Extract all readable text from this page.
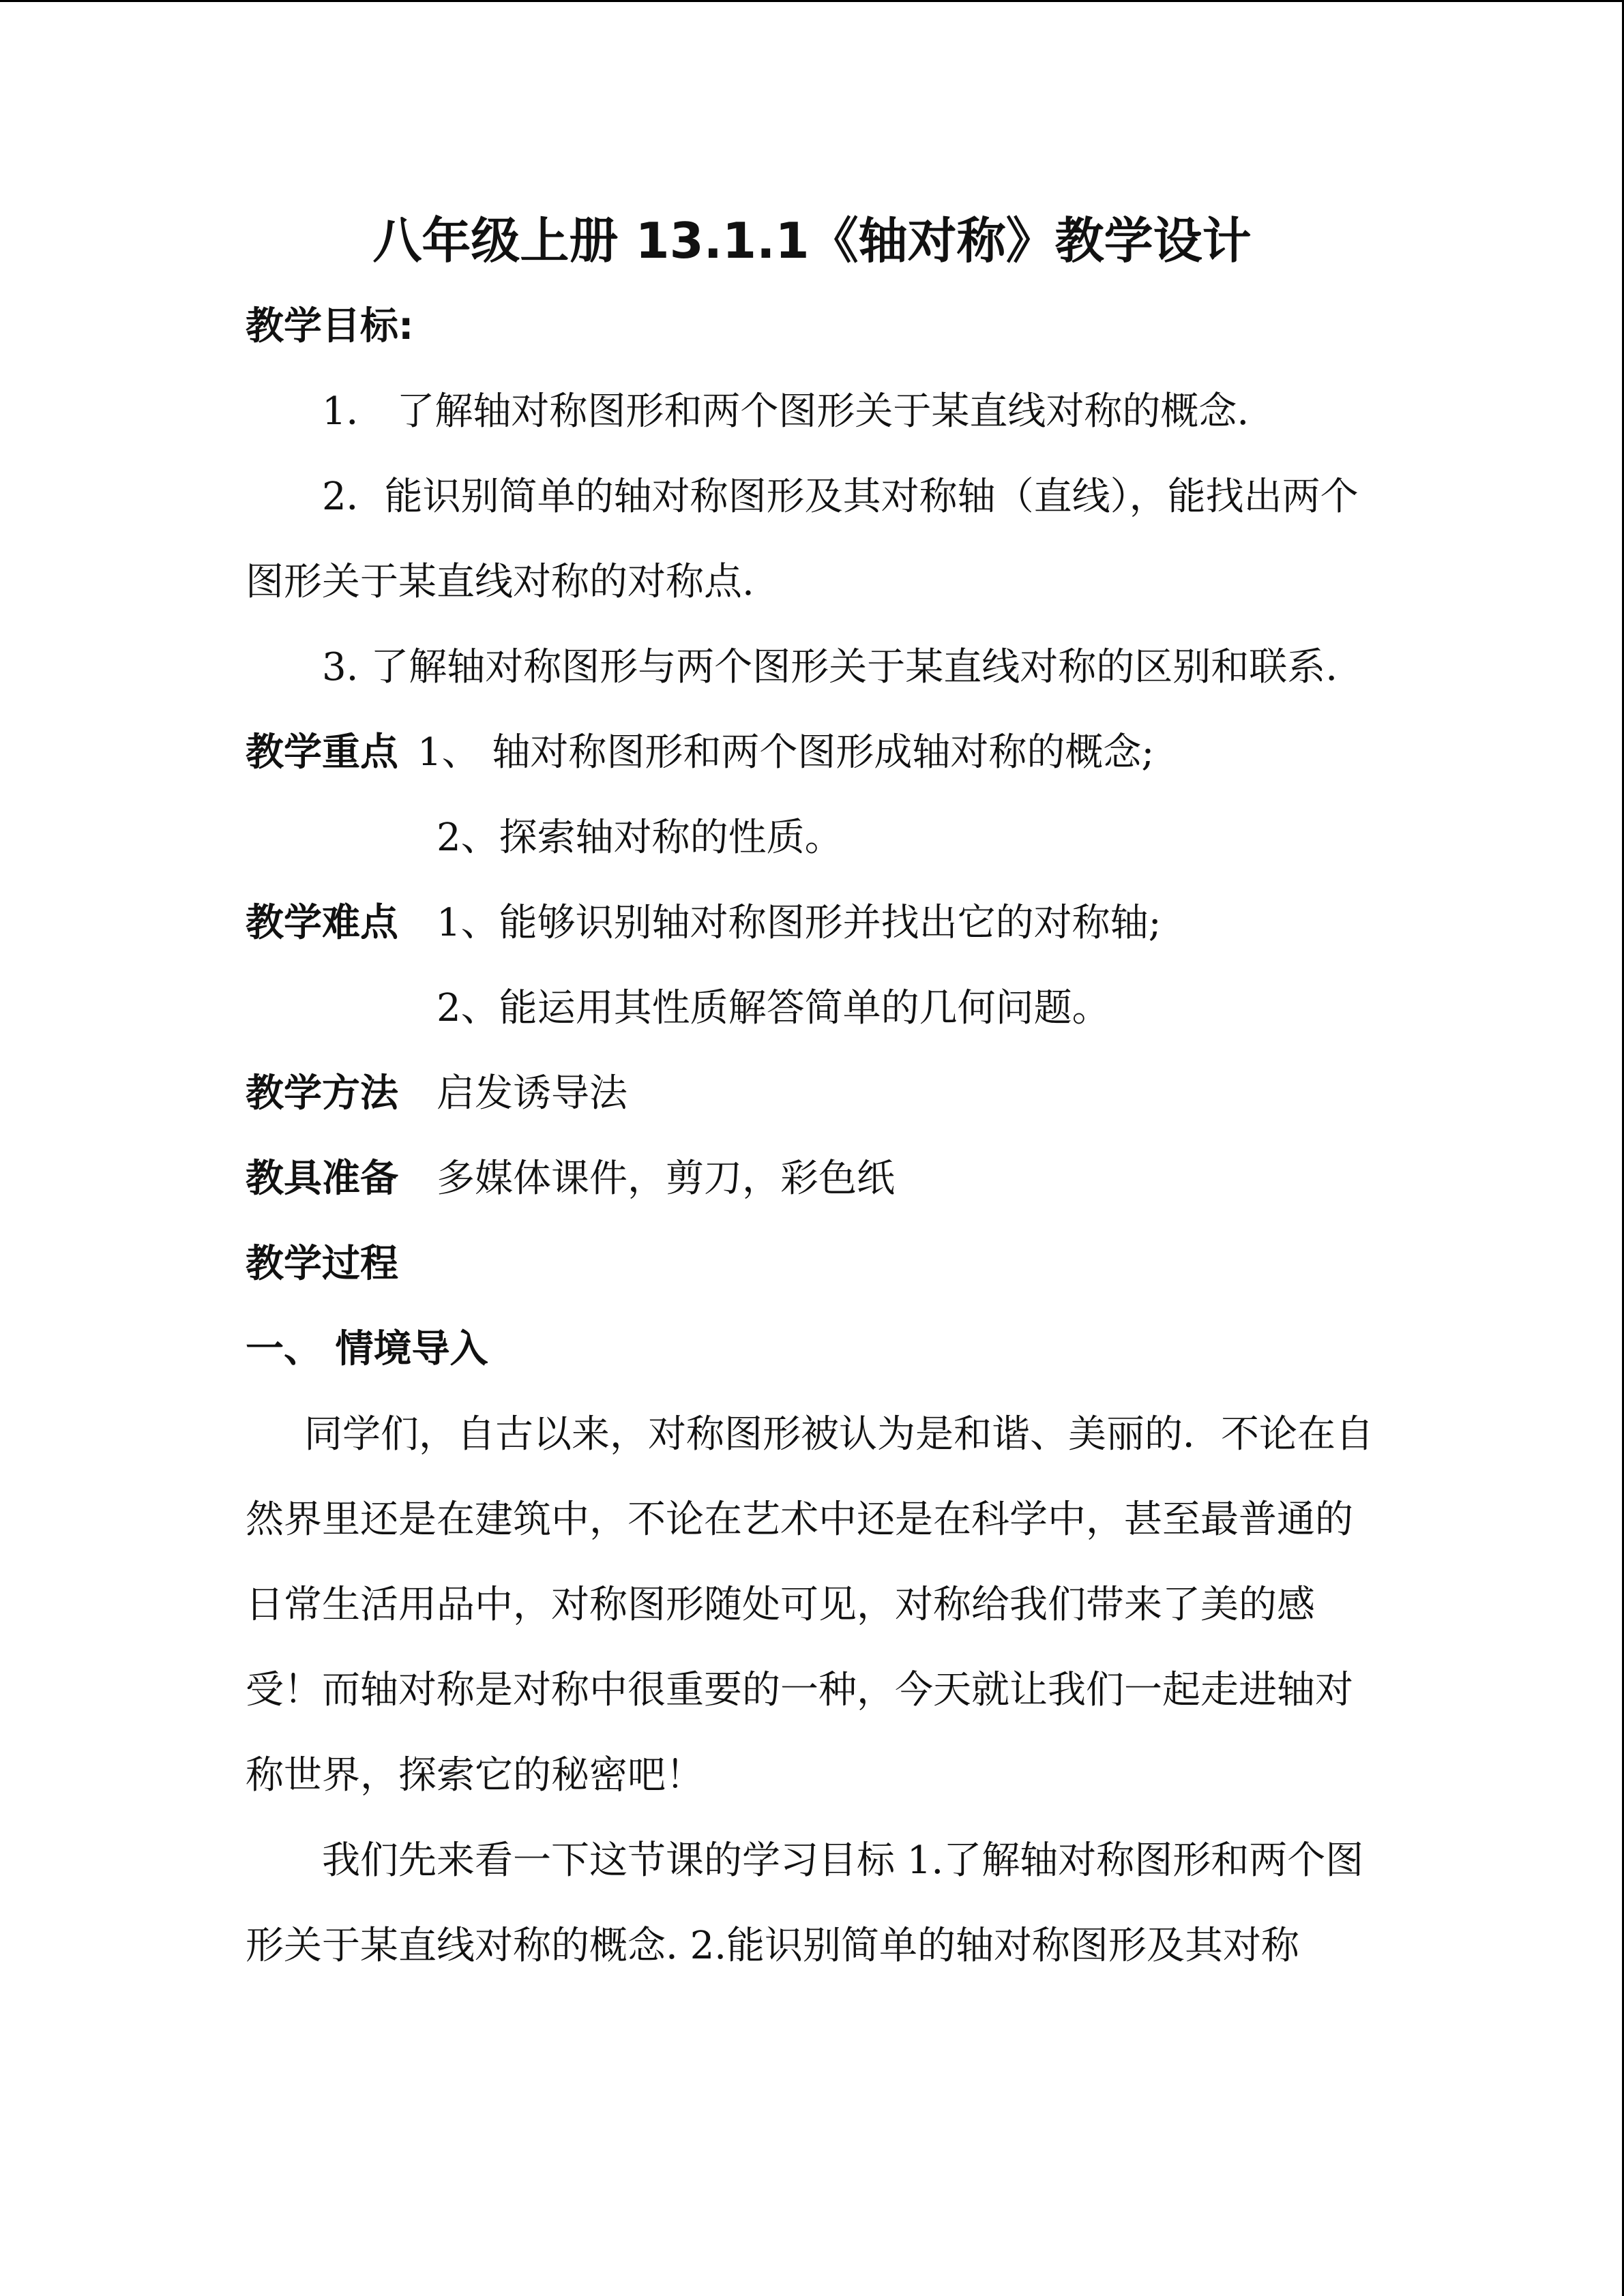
八年级上册 13.1.1《轴对称》教学设计
教学目标:
1． 了解轴对称图形和两个图形关于某直线对称的概念.
2．能识别简单的轴对称图形及其对称轴（直线），能找出两个
图形关于某直线对称的对称点.
3. 了解轴对称图形与两个图形关于某直线对称的区别和联系.
教学重点 1、 轴对称图形和两个图形成轴对称的概念;
2、探索轴对称的性质。
教学难点 1、能够识别轴对称图形并找出它的对称轴;
2、能运用其性质解答简单的几何问题。
教学方法 启发诱导法
教具准备 多媒体课件，剪刀，彩色纸
教学过程
一、 情境导入
同学们，自古以来，对称图形被认为是和谐、美丽的．不论在自
然界里还是在建筑中，不论在艺术中还是在科学中，甚至最普通的
日常生活用品中，对称图形随处可见，对称给我们带来了美的感
受！而轴对称是对称中很重要的一种，今天就让我们一起走进轴对
称世界，探索它的秘密吧！
我们先来看一下这节课的学习目标 1.了解轴对称图形和两个图
形关于某直线对称的概念. 2.能识别简单的轴对称图形及其对称
